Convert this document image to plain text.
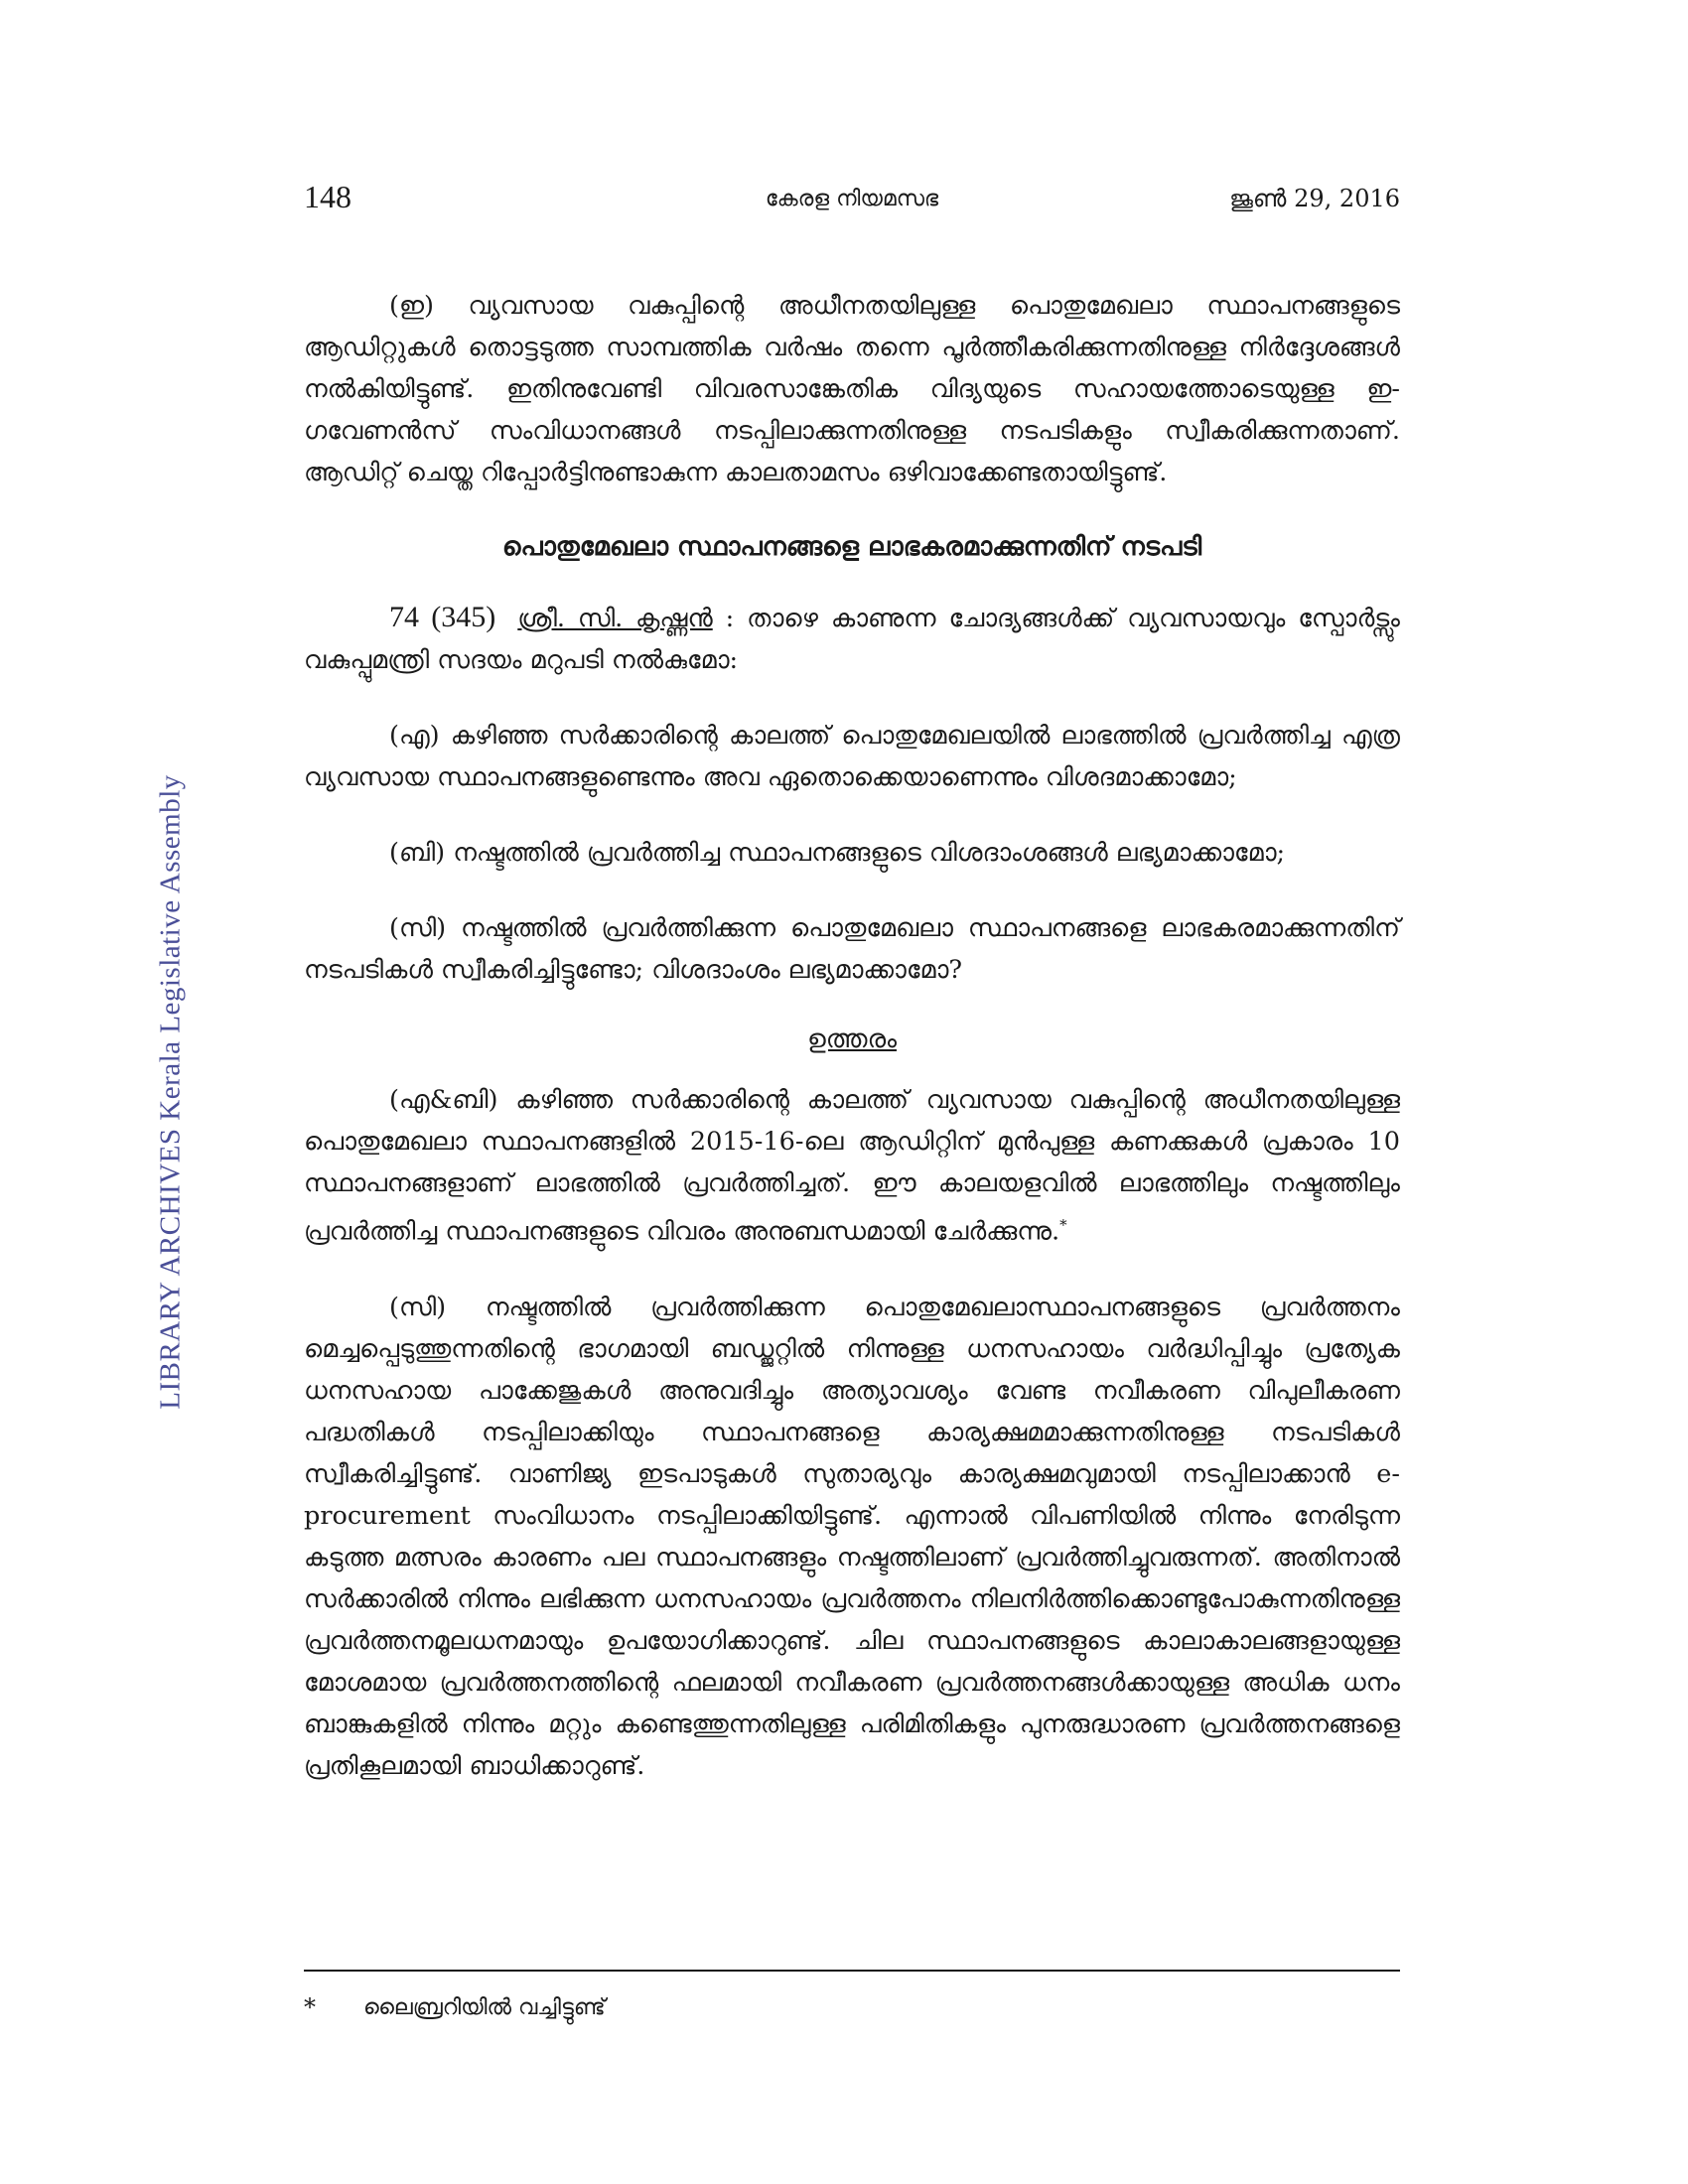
LIBRARY ARCHIVES Kerala Legislative Assembly
148	കേരള നിയമസഭ	ജൂൺ 29, 2016

(ഇ) വ്യവസായ വകുപ്പിന്റെ അധീനതയിലുള്ള പൊതുമേഖലാ സ്ഥാപനങ്ങളുടെ ആഡിറ്റുകൾ തൊട്ടടുത്ത സാമ്പത്തിക വർഷം തന്നെ പൂർത്തീകരിക്കുന്നതിനുള്ള നിർദ്ദേശങ്ങൾ നൽകിയിട്ടുണ്ട്. ഇതിനുവേണ്ടി വിവരസാങ്കേതിക വിദ്യയുടെ സഹായത്തോടെയുള്ള ഇ-ഗവേണൻസ് സംവിധാനങ്ങൾ നടപ്പിലാക്കുന്നതിനുള്ള നടപടികളും സ്വീകരിക്കുന്നതാണ്. ആഡിറ്റ് ചെയ്ത റിപ്പോർട്ടിനുണ്ടാകുന്ന കാലതാമസം ഒഴിവാക്കേണ്ടതായിട്ടുണ്ട്.

പൊതുമേഖലാ സ്ഥാപനങ്ങളെ ലാഭകരമാക്കുന്നതിന് നടപടി

74 (345) ശ്രീ. സി. കൃഷ്ണൻ : താഴെ കാണുന്ന ചോദ്യങ്ങൾക്ക് വ്യവസായവും സ്പോർട്സും വകുപ്പുമന്ത്രി സദയം മറുപടി നൽകുമോ:

(എ) കഴിഞ്ഞ സർക്കാരിന്റെ കാലത്ത് പൊതുമേഖലയിൽ ലാഭത്തിൽ പ്രവർത്തിച്ച എത്ര വ്യവസായ സ്ഥാപനങ്ങളുണ്ടെന്നും അവ ഏതൊക്കെയാണെന്നും വിശദമാക്കാമോ;

(ബി) നഷ്ടത്തിൽ പ്രവർത്തിച്ച സ്ഥാപനങ്ങളുടെ വിശദാംശങ്ങൾ ലഭ്യമാക്കാമോ;

(സി) നഷ്ടത്തിൽ പ്രവർത്തിക്കുന്ന പൊതുമേഖലാ സ്ഥാപനങ്ങളെ ലാഭകരമാക്കുന്നതിന് നടപടികൾ സ്വീകരിച്ചിട്ടുണ്ടോ; വിശദാംശം ലഭ്യമാക്കാമോ?

ഉത്തരം

(എ&ബി) കഴിഞ്ഞ സർക്കാരിന്റെ കാലത്ത് വ്യവസായ വകുപ്പിന്റെ അധീനതയിലുള്ള പൊതുമേഖലാ സ്ഥാപനങ്ങളിൽ 2015-16-ലെ ആഡിറ്റിന് മുൻപുള്ള കണക്കുകൾ പ്രകാരം 10 സ്ഥാപനങ്ങളാണ് ലാഭത്തിൽ പ്രവർത്തിച്ചത്. ഈ കാലയളവിൽ ലാഭത്തിലും നഷ്ടത്തിലും പ്രവർത്തിച്ച സ്ഥാപനങ്ങളുടെ വിവരം അനുബന്ധമായി ചേർക്കുന്നു.*

(സി) നഷ്ടത്തിൽ പ്രവർത്തിക്കുന്ന പൊതുമേഖലാസ്ഥാപനങ്ങളുടെ പ്രവർത്തനം മെച്ചപ്പെടുത്തുന്നതിന്റെ ഭാഗമായി ബഡ്ജറ്റിൽ നിന്നുള്ള ധനസഹായം വർദ്ധിപ്പിച്ചും പ്രത്യേക ധനസഹായ പാക്കേജുകൾ അനുവദിച്ചും അത്യാവശ്യം വേണ്ട നവീകരണ വിപുലീകരണ പദ്ധതികൾ നടപ്പിലാക്കിയും സ്ഥാപനങ്ങളെ കാര്യക്ഷമമാക്കുന്നതിനുള്ള നടപടികൾ സ്വീകരിച്ചിട്ടുണ്ട്. വാണിജ്യ ഇടപാടുകൾ സുതാര്യവും കാര്യക്ഷമവുമായി നടപ്പിലാക്കാൻ e-procurement സംവിധാനം നടപ്പിലാക്കിയിട്ടുണ്ട്. എന്നാൽ വിപണിയിൽ നിന്നും നേരിടുന്ന കടുത്ത മത്സരം കാരണം പല സ്ഥാപനങ്ങളും നഷ്ടത്തിലാണ് പ്രവർത്തിച്ചുവരുന്നത്. അതിനാൽ സർക്കാരിൽ നിന്നും ലഭിക്കുന്ന ധനസഹായം പ്രവർത്തനം നിലനിർത്തിക്കൊണ്ടുപോകുന്നതിനുള്ള പ്രവർത്തനമൂലധനമായും ഉപയോഗിക്കാറുണ്ട്. ചില സ്ഥാപനങ്ങളുടെ കാലാകാലങ്ങളായുള്ള മോശമായ പ്രവർത്തനത്തിന്റെ ഫലമായി നവീകരണ പ്രവർത്തനങ്ങൾക്കായുള്ള അധിക ധനം ബാങ്കുകളിൽ നിന്നും മറ്റും കണ്ടെത്തുന്നതിലുള്ള പരിമിതികളും പുനരുദ്ധാരണ പ്രവർത്തനങ്ങളെ പ്രതികൂലമായി ബാധിക്കാറുണ്ട്.

* ലൈബ്രറിയിൽ വച്ചിട്ടുണ്ട്
